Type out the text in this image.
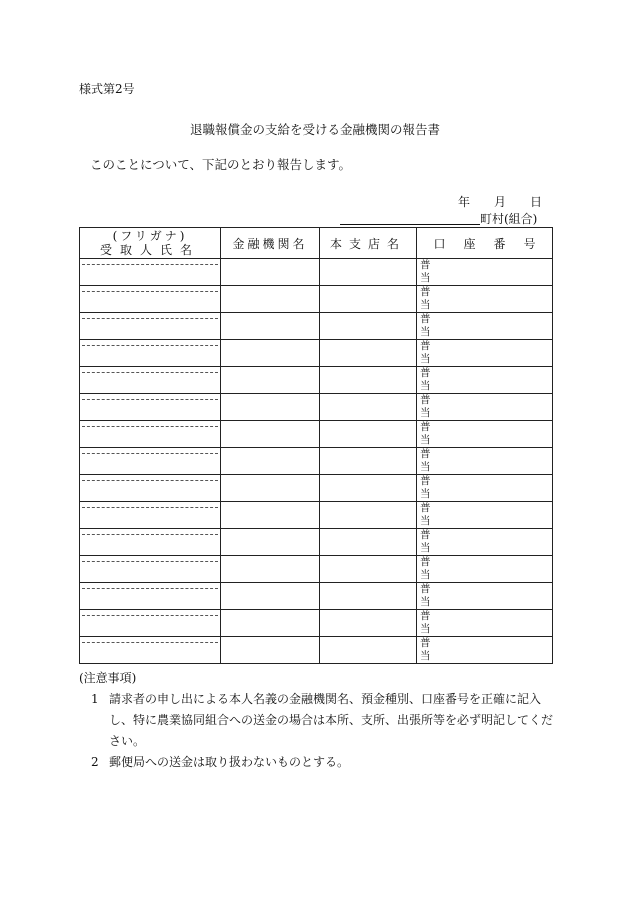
様式第2号
退職報償金の支給を受ける金融機関の報告書
このことについて、下記のとおり報告します。
年 月 日
町村(組合)
(フリガナ)
受取人氏名	金融機関名	本支店名	口 座 番 号

			普
当

			普
当

			普
当

			普
当

			普
当

			普
当

			普
当

			普
当

			普
当

			普
当

			普
当

			普
当

			普
当

			普
当

			普
当
(注意事項)
1 請求者の申し出による本人名義の金融機関名、預金種別、口座番号を正確に記入し、特に農業協同組合への送金の場合は本所、支所、出張所等を必ず明記してください。
2 郵便局への送金は取り扱わないものとする。
